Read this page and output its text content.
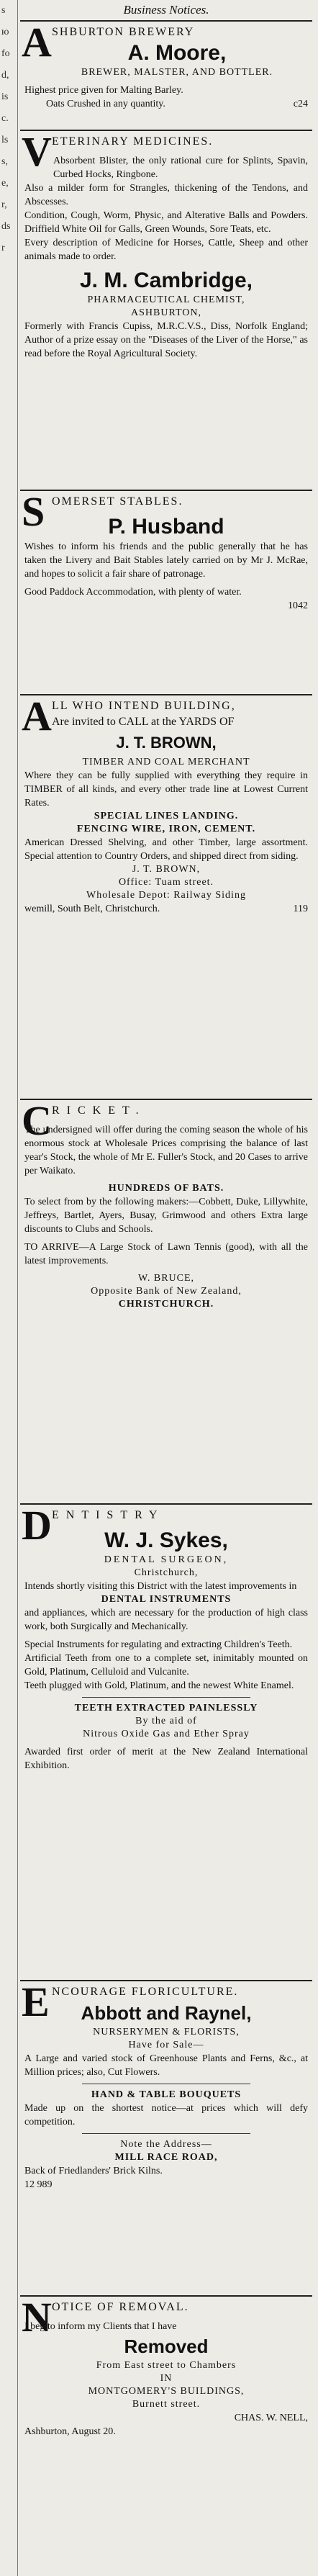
s
ю
fo
d,
is
c.
ls
s,
e,
r,
ds
r
Business Notices.
A SHBURTON BREWERY
A. Moore,
BREWER, MALSTER, AND BOTTLER.
Highest price given for Malting Barley.
Oats Crushed in any quantity.	c24
V ETERINARY MEDICINES.
Absorbent Blister, the only rational cure for Splints, Spavin, Curbed Hocks, Ringbone.
Also a milder form for Strangles, thickening of the Tendons, and Abscesses.
Condition, Cough, Worm, Physic, and Alterative Balls and Powders. Driffield White Oil for Galls, Green Wounds, Sore Teats, etc.
Every description of Medicine for Horses, Cattle, Sheep and other animals made to order.
J. M. Cambridge,
PHARMACEUTICAL CHEMIST,
ASHBURTON,
Formerly with Francis Cupiss, M.R.C.V.S., Diss, Norfolk England; Author of a prize essay on the "Diseases of the Liver of the Horse," as read before the Royal Agricultural Society.
S OMERSET STABLES.
P. Husband
Wishes to inform his friends and the public generally that he has taken the Livery and Bait Stables lately carried on by Mr J. McRae, and hopes to solicit a fair share of patronage.
Good Paddock Accommodation, with plenty of water.
1042
A LL WHO INTEND BUILDING,
Are invited to CALL at the YARDS OF
J. T. BROWN,
TIMBER AND COAL MERCHANT
Where they can be fully supplied with everything they require in TIMBER of all kinds, and every other trade line at Lowest Current Rates.
SPECIAL LINES LANDING.
FENCING WIRE, IRON, CEMENT.
American Dressed Shelving, and other Timber, large assortment. Special attention to Country Orders, and shipped direct from siding.
J. T. BROWN,
Office: Tuam street.
Wholesale Depot: Railway Siding
wemill, South Belt, Christchurch.	119
C RICKET.
The undersigned will offer during the coming season the whole of his enormous stock at Wholesale Prices comprising the balance of last year's Stock, the whole of Mr E. Fuller's Stock, and 20 Cases to arrive per Waikato.
HUNDREDS OF BATS.
To select from by the following makers:—Cobbett, Duke, Lillywhite, Jeffreys, Bartlet, Ayers, Busay, Grimwood and others Extra large discounts to Clubs and Schools.
TO ARRIVE—A Large Stock of Lawn Tennis (good), with all the latest improvements.
W. BRUCE,
Opposite Bank of New Zealand,
CHRISTCHURCH.
D ENTISTRY
W. J. Sykes,
DENTAL SURGEON,
Christchurch,
Intends shortly visiting this District with the latest improvements in
DENTAL INSTRUMENTS
and appliances, which are necessary for the production of high class work, both Surgically and Mechanically.
Special Instruments for regulating and extracting Children's Teeth.
Artificial Teeth from one to a complete set, inimitably mounted on Gold, Platinum, Celluloid and Vulcanite.
Teeth plugged with Gold, Platinum, and the newest White Enamel.
TEETH EXTRACTED PAINLESSLY
By the aid of
Nitrous Oxide Gas and Ether Spray
Awarded first order of merit at the New Zealand International Exhibition.
E NCOURAGE FLORICULTURE.
Abbott and Raynel,
NURSERYMEN & FLORISTS,
Have for Sale—
A Large and varied stock of Greenhouse Plants and Ferns, &c., at Million prices; also, Cut Flowers.
HAND & TABLE BOUQUETS
Made up on the shortest notice—at prices which will defy competition.
Note the Address—
MILL RACE ROAD,
Back of Friedlanders' Brick Kilns.
12 989
N OTICE OF REMOVAL.
I beg to inform my Clients that I have
Removed
From East street to Chambers
IN
MONTGOMERY'S BUILDINGS,
Burnett street.
CHAS. W. NELL,
Ashburton, August 20.
